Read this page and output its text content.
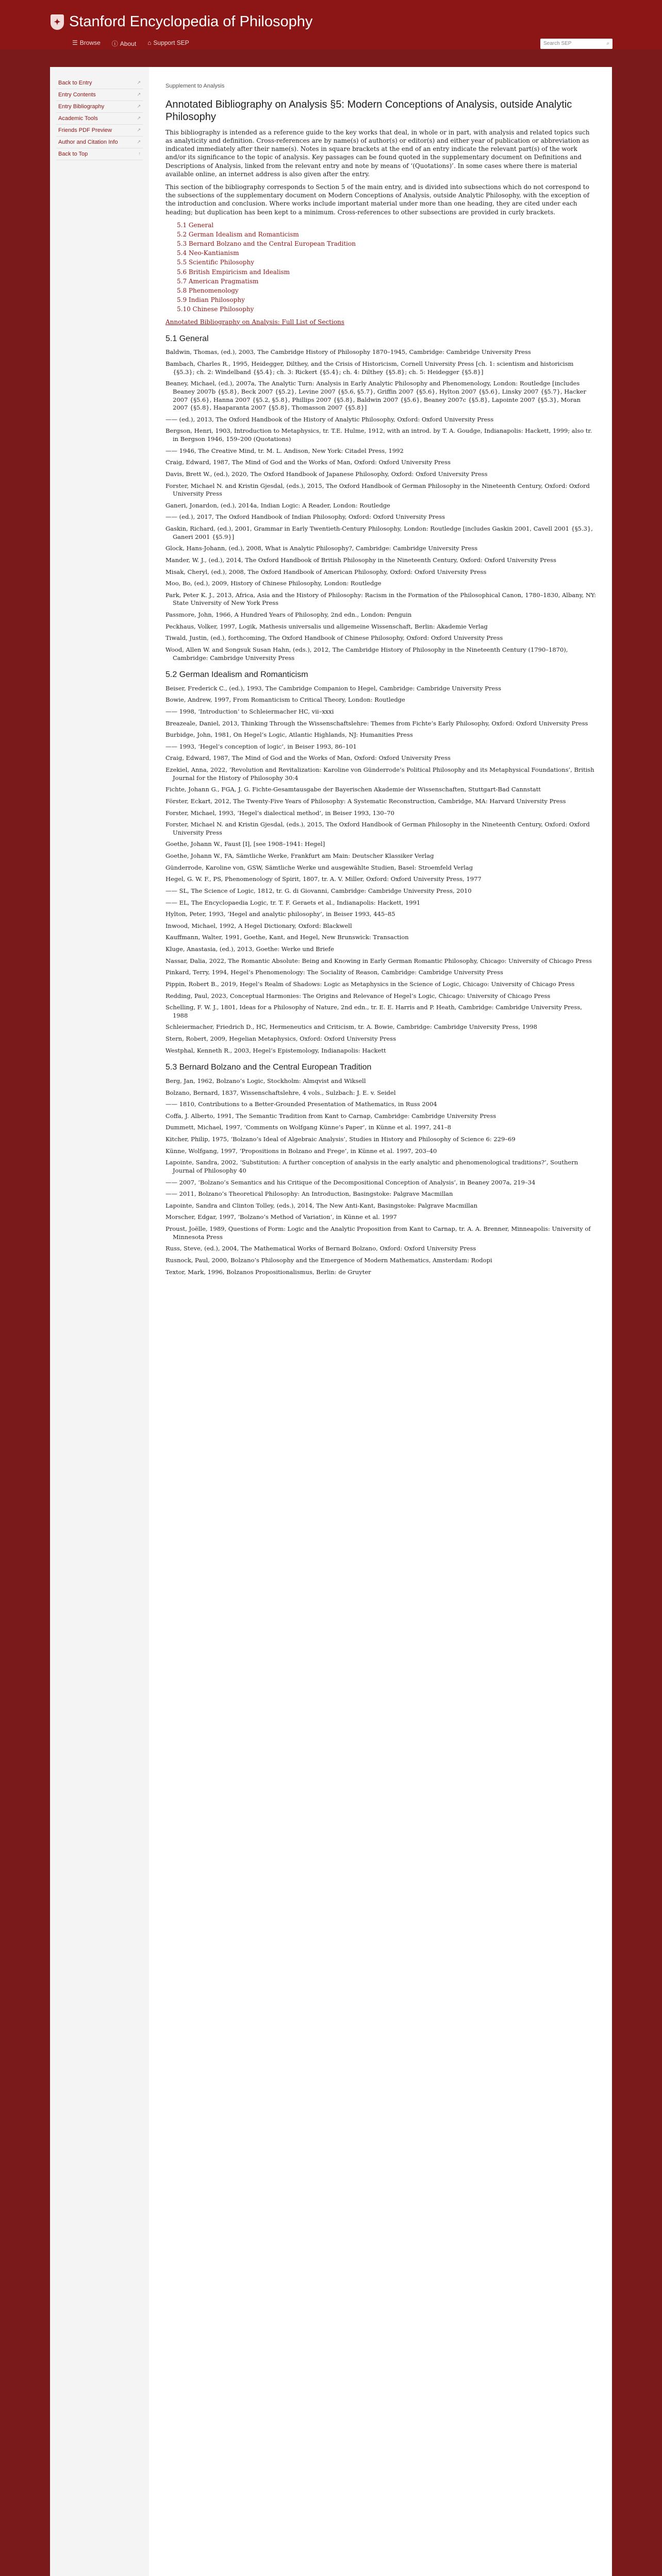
✦ Stanford Encyclopedia of Philosophy
☰ Browse ⓘ About ⌂ Support SEP	Search SEP	⌕
Back to Entry	↗
Entry Contents	↗
Entry Bibliography	↗
Academic Tools	↗
Friends PDF Preview	↗
Author and Citation Info	↗
Back to Top	↑
Supplement to Analysis
Annotated Bibliography on Analysis §5: Modern Conceptions of Analysis, outside Analytic Philosophy

This bibliography is intended as a reference guide to the key works that deal, in whole or in part, with analysis and related topics such as analyticity and definition. Cross-references are by name(s) of author(s) or editor(s) and either year of publication or abbreviation as indicated immediately after their name(s). Notes in square brackets at the end of an entry indicate the relevant part(s) of the work and/or its significance to the topic of analysis. Key passages can be found quoted in the supplementary document on Definitions and Descriptions of Analysis, linked from the relevant entry and note by means of ‘(Quotations)’. In some cases where there is material available online, an internet address is also given after the entry.

This section of the bibliography corresponds to Section 5 of the main entry, and is divided into subsections which do not correspond to the subsections of the supplementary document on Modern Conceptions of Analysis, outside Analytic Philosophy, with the exception of the introduction and conclusion. Where works include important material under more than one heading, they are cited under each heading; but duplication has been kept to a minimum. Cross-references to other subsections are provided in curly brackets.

5.1 General
5.2 German Idealism and Romanticism
5.3 Bernard Bolzano and the Central European Tradition
5.4 Neo-Kantianism
5.5 Scientific Philosophy
5.6 British Empiricism and Idealism
5.7 American Pragmatism
5.8 Phenomenology
5.9 Indian Philosophy
5.10 Chinese Philosophy
Annotated Bibliography on Analysis: Full List of Sections
5.1 General
Baldwin, Thomas, (ed.), 2003, The Cambridge History of Philosophy 1870–1945, Cambridge: Cambridge University Press
Bambach, Charles R., 1995, Heidegger, Dilthey, and the Crisis of Historicism, Cornell University Press [ch. 1: scientism and historicism {§5.3}; ch. 2: Windelband {§5.4}; ch. 3: Rickert {§5.4}; ch. 4: Dilthey {§5.8}; ch. 5: Heidegger {§5.8}]
Beaney, Michael, (ed.), 2007a, The Analytic Turn: Analysis in Early Analytic Philosophy and Phenomenology, London: Routledge [includes Beaney 2007b {§5.8}, Beck 2007 {§5.2}, Levine 2007 {§5.6, §5.7}, Griffin 2007 {§5.6}, Hylton 2007 {§5.6}, Linsky 2007 {§5.7}, Hacker 2007 {§5.6}, Hanna 2007 {§5.2, §5.8}, Phillips 2007 {§5.8}, Baldwin 2007 {§5.6}, Beaney 2007c {§5.8}, Lapointe 2007 {§5.3}, Moran 2007 {§5.8}, Haaparanta 2007 {§5.8}, Thomasson 2007 {§5.8}]
—— (ed.), 2013, The Oxford Handbook of the History of Analytic Philosophy, Oxford: Oxford University Press
Bergson, Henri, 1903, Introduction to Metaphysics, tr. T.E. Hulme, 1912, with an introd. by T. A. Goudge, Indianapolis: Hackett, 1999; also tr. in Bergson 1946, 159–200 (Quotations)
—— 1946, The Creative Mind, tr. M. L. Andison, New York: Citadel Press, 1992
Craig, Edward, 1987, The Mind of God and the Works of Man, Oxford: Oxford University Press
Davis, Brett W., (ed.), 2020, The Oxford Handbook of Japanese Philosophy, Oxford: Oxford University Press
Forster, Michael N. and Kristin Gjesdal, (eds.), 2015, The Oxford Handbook of German Philosophy in the Nineteenth Century, Oxford: Oxford University Press
Ganeri, Jonardon, (ed.), 2014a, Indian Logic: A Reader, London: Routledge
—— (ed.), 2017, The Oxford Handbook of Indian Philosophy, Oxford: Oxford University Press
Gaskin, Richard, (ed.), 2001, Grammar in Early Twentieth-Century Philosophy, London: Routledge [includes Gaskin 2001, Cavell 2001 {§5.3}, Ganeri 2001 {§5.9}]
Glock, Hans-Johann, (ed.), 2008, What is Analytic Philosophy?, Cambridge: Cambridge University Press
Mander, W. J., (ed.), 2014, The Oxford Handbook of British Philosophy in the Nineteenth Century, Oxford: Oxford University Press
Misak, Cheryl, (ed.), 2008, The Oxford Handbook of American Philosophy, Oxford: Oxford University Press
Moo, Bo, (ed.), 2009, History of Chinese Philosophy, London: Routledge
Park, Peter K. J., 2013, Africa, Asia and the History of Philosophy: Racism in the Formation of the Philosophical Canon, 1780–1830, Albany, NY: State University of New York Press
Passmore, John, 1966, A Hundred Years of Philosophy, 2nd edn., London: Penguin
Peckhaus, Volker, 1997, Logik, Mathesis universalis und allgemeine Wissenschaft, Berlin: Akademie Verlag
Tiwald, Justin, (ed.), forthcoming, The Oxford Handbook of Chinese Philosophy, Oxford: Oxford University Press
Wood, Allen W. and Songsuk Susan Hahn, (eds.), 2012, The Cambridge History of Philosophy in the Nineteenth Century (1790–1870), Cambridge: Cambridge University Press
5.2 German Idealism and Romanticism
Beiser, Frederick C., (ed.), 1993, The Cambridge Companion to Hegel, Cambridge: Cambridge University Press
Bowie, Andrew, 1997, From Romanticism to Critical Theory, London: Routledge
—— 1998, ‘Introduction’ to Schleiermacher HC, vii–xxxi
Breazeale, Daniel, 2013, Thinking Through the Wissenschaftslehre: Themes from Fichte’s Early Philosophy, Oxford: Oxford University Press
Burbidge, John, 1981, On Hegel’s Logic, Atlantic Highlands, NJ: Humanities Press
—— 1993, ‘Hegel’s conception of logic’, in Beiser 1993, 86–101
Craig, Edward, 1987, The Mind of God and the Works of Man, Oxford: Oxford University Press
Ezekiel, Anna, 2022, ‘Revolution and Revitalization: Karoline von Günderrode’s Political Philosophy and its Metaphysical Foundations’, British Journal for the History of Philosophy 30:4
Fichte, Johann G., FGA, J. G. Fichte-Gesamtausgabe der Bayerischen Akademie der Wissenschaften, Stuttgart-Bad Cannstatt
Förster, Eckart, 2012, The Twenty-Five Years of Philosophy: A Systematic Reconstruction, Cambridge, MA: Harvard University Press
Forster, Michael, 1993, ‘Hegel’s dialectical method’, in Beiser 1993, 130–70
Forster, Michael N. and Kristin Gjesdal, (eds.), 2015, The Oxford Handbook of German Philosophy in the Nineteenth Century, Oxford: Oxford University Press
Goethe, Johann W., Faust [I], [see 1908–1941: Hegel]
Goethe, Johann W., FA, Sämtliche Werke, Frankfurt am Main: Deutscher Klassiker Verlag
Günderrode, Karoline von, GSW, Sämtliche Werke und ausgewählte Studien, Basel: Stroemfeld Verlag
Hegel, G. W. F., PS, Phenomenology of Spirit, 1807, tr. A. V. Miller, Oxford: Oxford University Press, 1977
—— SL, The Science of Logic, 1812, tr. G. di Giovanni, Cambridge: Cambridge University Press, 2010
—— EL, The Encyclopaedia Logic, tr. T. F. Geraets et al., Indianapolis: Hackett, 1991
Hylton, Peter, 1993, ‘Hegel and analytic philosophy’, in Beiser 1993, 445–85
Inwood, Michael, 1992, A Hegel Dictionary, Oxford: Blackwell
Kauffmann, Walter, 1991, Goethe, Kant, and Hegel, New Brunswick: Transaction
Kluge, Anastasia, (ed.), 2013, Goethe: Werke und Briefe
Nassar, Dalia, 2022, The Romantic Absolute: Being and Knowing in Early German Romantic Philosophy, Chicago: University of Chicago Press
Pinkard, Terry, 1994, Hegel’s Phenomenology: The Sociality of Reason, Cambridge: Cambridge University Press
Pippin, Robert B., 2019, Hegel’s Realm of Shadows: Logic as Metaphysics in the Science of Logic, Chicago: University of Chicago Press
Redding, Paul, 2023, Conceptual Harmonies: The Origins and Relevance of Hegel’s Logic, Chicago: University of Chicago Press
Schelling, F. W. J., 1801, Ideas for a Philosophy of Nature, 2nd edn., tr. E. E. Harris and P. Heath, Cambridge: Cambridge University Press, 1988
Schleiermacher, Friedrich D., HC, Hermeneutics and Criticism, tr. A. Bowie, Cambridge: Cambridge University Press, 1998
Stern, Robert, 2009, Hegelian Metaphysics, Oxford: Oxford University Press
Westphal, Kenneth R., 2003, Hegel’s Epistemology, Indianapolis: Hackett
5.3 Bernard Bolzano and the Central European Tradition
Berg, Jan, 1962, Bolzano’s Logic, Stockholm: Almqvist and Wiksell
Bolzano, Bernard, 1837, Wissenschaftslehre, 4 vols., Sulzbach: J. E. v. Seidel
—— 1810, Contributions to a Better-Grounded Presentation of Mathematics, in Russ 2004
Coffa, J. Alberto, 1991, The Semantic Tradition from Kant to Carnap, Cambridge: Cambridge University Press
Dummett, Michael, 1997, ‘Comments on Wolfgang Künne’s Paper’, in Künne et al. 1997, 241–8
Kitcher, Philip, 1975, ‘Bolzano’s Ideal of Algebraic Analysis’, Studies in History and Philosophy of Science 6: 229–69
Künne, Wolfgang, 1997, ‘Propositions in Bolzano and Frege’, in Künne et al. 1997, 203–40
Lapointe, Sandra, 2002, ‘Substitution: A further conception of analysis in the early analytic and phenomenological traditions?’, Southern Journal of Philosophy 40
—— 2007, ‘Bolzano’s Semantics and his Critique of the Decompositional Conception of Analysis’, in Beaney 2007a, 219–34
—— 2011, Bolzano’s Theoretical Philosophy: An Introduction, Basingstoke: Palgrave Macmillan
Lapointe, Sandra and Clinton Tolley, (eds.), 2014, The New Anti-Kant, Basingstoke: Palgrave Macmillan
Morscher, Edgar, 1997, ‘Bolzano’s Method of Variation’, in Künne et al. 1997
Proust, Joëlle, 1989, Questions of Form: Logic and the Analytic Proposition from Kant to Carnap, tr. A. A. Brenner, Minneapolis: University of Minnesota Press
Russ, Steve, (ed.), 2004, The Mathematical Works of Bernard Bolzano, Oxford: Oxford University Press
Rusnock, Paul, 2000, Bolzano’s Philosophy and the Emergence of Modern Mathematics, Amsterdam: Rodopi
Textor, Mark, 1996, Bolzanos Propositionalismus, Berlin: de Gruyter
